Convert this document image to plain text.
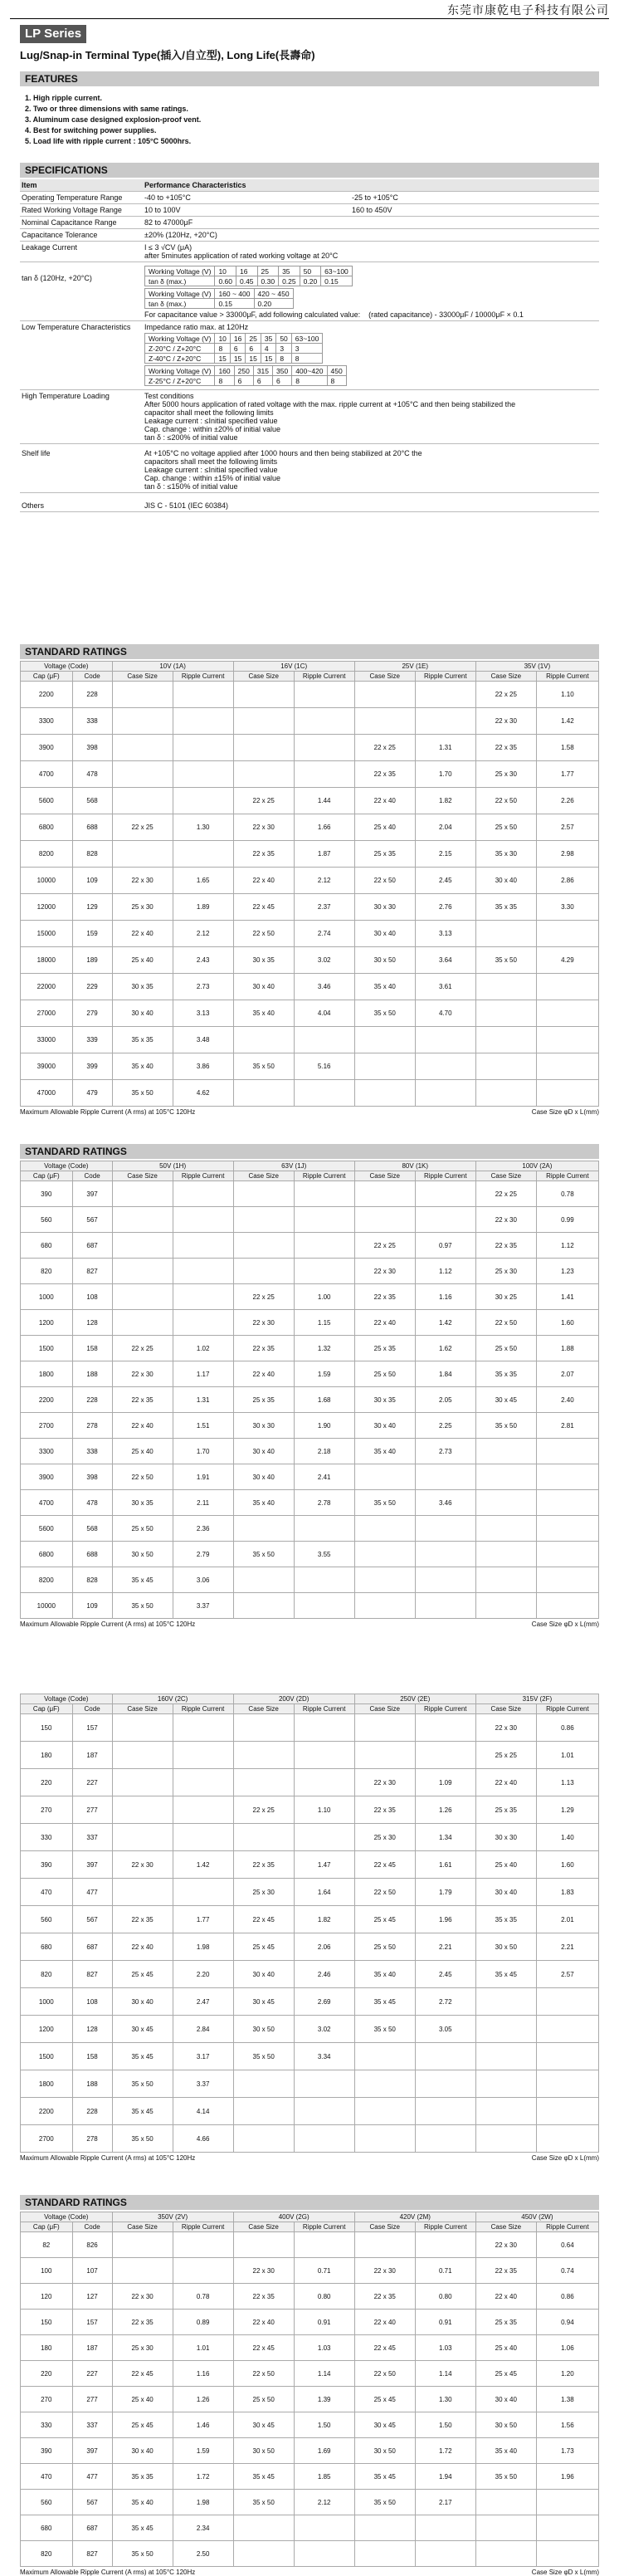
东莞市康乾电子科技有限公司
LP Series
Lug/Snap-in Terminal Type(插入/自立型), Long Life(長壽命)
FEATURES
1. High ripple current.
2. Two or three dimensions with same ratings.
3. Aluminum case designed explosion-proof vent.
4. Best for switching power supplies.
5. Load life with ripple current : 105°C 5000hrs.
SPECIFICATIONS
Item	Performance Characteristics
Operating Temperature Range	-40 to +105°C	-25 to +105°C
Rated Working Voltage Range	10 to 100V	160 to 450V
Nominal Capacitance Range	82 to 47000μF
Capacitance Tolerance	±20% (120Hz, +20°C)
Leakage Current	I ≤ 3 √CV (μA)
after 5minutes application of rated working voltage at 20°C
tan δ (120Hz, +20°C)
Working Voltage (V)	10	16	25	35	50	63~100
tan δ (max.)	0.60	0.45	0.30	0.25	0.20	0.15
Working Voltage (V)	160 ~ 400	420 ~ 450
tan δ (max.)	0.15	0.20
For capacitance value > 33000μF, add following calculated value: (rated capacitance) - 33000μF / 10000μF × 0.1
Low Temperature Characteristics	Impedance ratio max. at 120Hz
Working Voltage (V)	10	16	25	35	50	63~100
Z-20°C / Z+20°C	8	6	6	4	3	3
Z-40°C / Z+20°C	15	15	15	15	8	8
Working Voltage (V)	160	250	315	350	400~420	450
Z-25°C / Z+20°C	8	6	6	6	8	8
High Temperature Loading	Test conditions
After 5000 hours application of rated voltage with the max. ripple current at +105°C and then being stabilized the
capacitor shall meet the following limits
Leakage current : ≤Initial specified value
Cap. change : within ±20% of initial value
tan δ : ≤200% of initial value
Shelf life	At +105°C no voltage applied after 1000 hours and then being stabilized at 20°C the
capacitors shall meet the following limits
Leakage current : ≤Initial specified value
Cap. change : within ±15% of initial value
tan δ : ≤150% of initial value
Others	JIS C - 5101 (IEC 60384)
STANDARD RATINGS
Voltage (Code)		10V (1A)		16V (1C)		25V (1E)		35V (1V)	
Cap (μF)	Code	Case Size	Ripple Current	Case Size	Ripple Current	Case Size	Ripple Current	Case Size	Ripple Current
2200	228							22 x 25	1.10
3300	338							22 x 30	1.42
3900	398					22 x 25	1.31	22 x 35	1.58
4700	478					22 x 35	1.70	25 x 30	1.77
5600	568			22 x 25	1.44	22 x 40	1.82	22 x 50	2.26
6800	688	22 x 25	1.30	22 x 30	1.66	25 x 40	2.04	25 x 50	2.57
8200	828			22 x 35	1.87	25 x 35	2.15	35 x 30	2.98
10000	109	22 x 30	1.65	22 x 40	2.12	22 x 50	2.45	30 x 40	2.86
12000	129	25 x 30	1.89	22 x 45	2.37	30 x 30	2.76	35 x 35	3.30
15000	159	22 x 40	2.12	22 x 50	2.74	30 x 40	3.13		
18000	189	25 x 40	2.43	30 x 35	3.02	30 x 50	3.64	35 x 50	4.29
22000	229	30 x 35	2.73	30 x 40	3.46	35 x 40	3.61		
27000	279	30 x 40	3.13	35 x 40	4.04	35 x 50	4.70		
33000	339	35 x 35	3.48						
39000	399	35 x 40	3.86	35 x 50	5.16				
47000	479	35 x 50	4.62						
Maximum Allowable Ripple Current (A rms) at 105°C 120Hz	Case Size φD x L(mm)
STANDARD RATINGS
Voltage (Code)		50V (1H)		63V (1J)		80V (1K)		100V (2A)	
Cap (μF)	Code	Case Size	Ripple Current	Case Size	Ripple Current	Case Size	Ripple Current	Case Size	Ripple Current
390	397							22 x 25	0.78
560	567							22 x 30	0.99
680	687					22 x 25	0.97	22 x 35	1.12
820	827					22 x 30	1.12	25 x 30	1.23
1000	108			22 x 25	1.00	22 x 35	1.16	30 x 25	1.41
1200	128			22 x 30	1.15	22 x 40	1.42	22 x 50	1.60
1500	158	22 x 25	1.02	22 x 35	1.32	25 x 35	1.62	25 x 50	1.88
1800	188	22 x 30	1.17	22 x 40	1.59	25 x 50	1.84	35 x 35	2.07
2200	228	22 x 35	1.31	25 x 35	1.68	30 x 35	2.05	30 x 45	2.40
2700	278	22 x 40	1.51	30 x 30	1.90	30 x 40	2.25	35 x 50	2.81
3300	338	25 x 40	1.70	30 x 40	2.18	35 x 40	2.73		
3900	398	22 x 50	1.91	30 x 40	2.41				
4700	478	30 x 35	2.11	35 x 40	2.78	35 x 50	3.46		
5600	568	25 x 50	2.36						
6800	688	30 x 50	2.79	35 x 50	3.55				
8200	828	35 x 45	3.06						
10000	109	35 x 50	3.37						
Maximum Allowable Ripple Current (A rms) at 105°C 120Hz	Case Size φD x L(mm)
Voltage (Code)		160V (2C)		200V (2D)		250V (2E)		315V (2F)	
Cap (μF)	Code	Case Size	Ripple Current	Case Size	Ripple Current	Case Size	Ripple Current	Case Size	Ripple Current
150	157							22 x 30	0.86
180	187							25 x 25	1.01
220	227					22 x 30	1.09	22 x 40	1.13
270	277			22 x 25	1.10	22 x 35	1.26	25 x 35	1.29
330	337					25 x 30	1.34	30 x 30	1.40
390	397	22 x 30	1.42	22 x 35	1.47	22 x 45	1.61	25 x 40	1.60
470	477			25 x 30	1.64	22 x 50	1.79	30 x 40	1.83
560	567	22 x 35	1.77	22 x 45	1.82	25 x 45	1.96	35 x 35	2.01
680	687	22 x 40	1.98	25 x 45	2.06	25 x 50	2.21	30 x 50	2.21
820	827	25 x 45	2.20	30 x 40	2.46	35 x 40	2.45	35 x 45	2.57
1000	108	30 x 40	2.47	30 x 45	2.69	35 x 45	2.72		
1200	128	30 x 45	2.84	30 x 50	3.02	35 x 50	3.05		
1500	158	35 x 45	3.17	35 x 50	3.34				
1800	188	35 x 50	3.37						
2200	228	35 x 45	4.14						
2700	278	35 x 50	4.66						
Maximum Allowable Ripple Current (A rms) at 105°C 120Hz	Case Size φD x L(mm)
STANDARD RATINGS
Voltage (Code)		350V (2V)		400V (2G)		420V (2M)		450V (2W)	
Cap (μF)	Code	Case Size	Ripple Current	Case Size	Ripple Current	Case Size	Ripple Current	Case Size	Ripple Current
82	826							22 x 30	0.64
100	107			22 x 30	0.71	22 x 30	0.71	22 x 35	0.74
120	127	22 x 30	0.78	22 x 35	0.80	22 x 35	0.80	22 x 40	0.86
150	157	22 x 35	0.89	22 x 40	0.91	22 x 40	0.91	25 x 35	0.94
180	187	25 x 30	1.01	22 x 45	1.03	22 x 45	1.03	25 x 40	1.06
220	227	22 x 45	1.16	22 x 50	1.14	22 x 50	1.14	25 x 45	1.20
270	277	25 x 40	1.26	25 x 50	1.39	25 x 45	1.30	30 x 40	1.38
330	337	25 x 45	1.46	30 x 45	1.50	30 x 45	1.50	30 x 50	1.56
390	397	30 x 40	1.59	30 x 50	1.69	30 x 50	1.72	35 x 40	1.73
470	477	35 x 35	1.72	35 x 45	1.85	35 x 45	1.94	35 x 50	1.96
560	567	35 x 40	1.98	35 x 50	2.12	35 x 50	2.17		
680	687	35 x 45	2.34						
820	827	35 x 50	2.50						
Maximum Allowable Ripple Current (A rms) at 105°C 120Hz	Case Size φD x L(mm)
